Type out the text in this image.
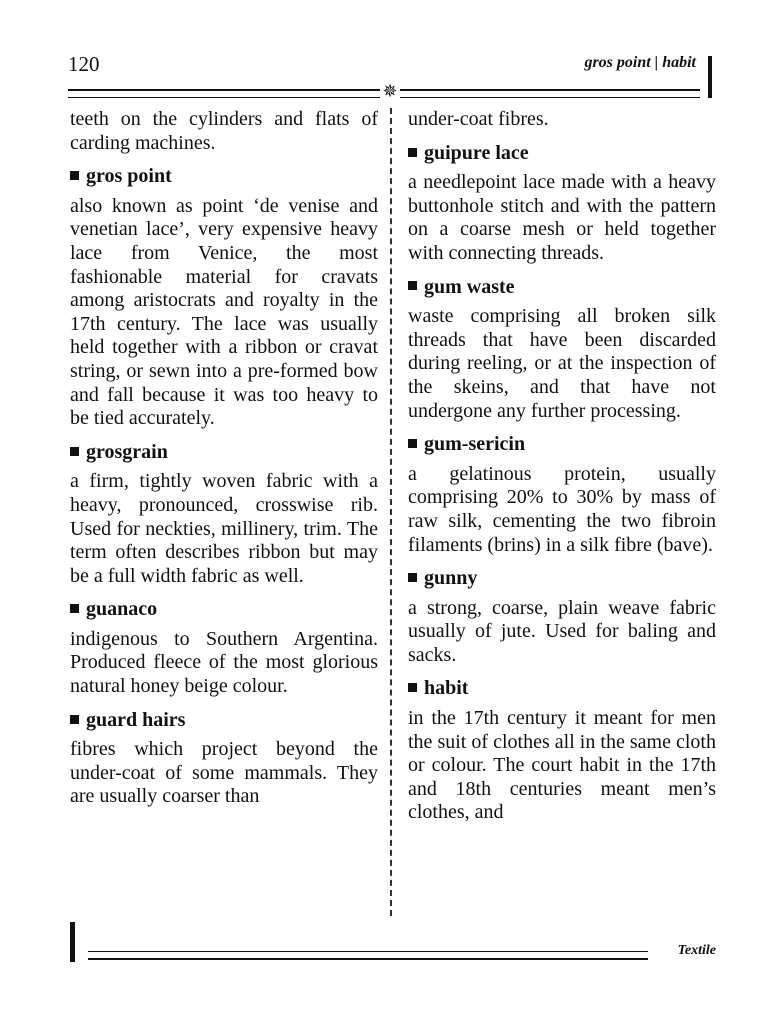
120	gros point | habit
✵

teeth on the cylinders and flats of carding machines.

gros point

also known as point ‘de venise and venetian lace’, very expensive heavy lace from Venice, the most fashionable material for cravats among aristocrats and royalty in the 17th century. The lace was usually held together with a ribbon or cravat string, or sewn into a pre-formed bow and fall because it was too heavy to be tied accurately.

grosgrain

a firm, tightly woven fabric with a heavy, pronounced, crosswise rib. Used for neckties, millinery, trim. The term often describes ribbon but may be a full width fabric as well.

guanaco

indigenous to Southern Argentina. Produced fleece of the most glorious natural honey beige colour.

guard hairs

fibres which project beyond the under-coat of some mammals. They are usually coarser than

under-coat fibres.

guipure lace

a needlepoint lace made with a heavy buttonhole stitch and with the pattern on a coarse mesh or held together with connecting threads.

gum waste

waste comprising all broken silk threads that have been discarded during reeling, or at the inspection of the skeins, and that have not undergone any further processing.

gum-sericin

a gelatinous protein, usually comprising 20% to 30% by mass of raw silk, cementing the two fibroin filaments (brins) in a silk fibre (bave).

gunny

a strong, coarse, plain weave fabric usually of jute. Used for baling and sacks.

habit

in the 17th century it meant for men the suit of clothes all in the same cloth or colour. The court habit in the 17th and 18th centuries meant men’s clothes, and

Textile
